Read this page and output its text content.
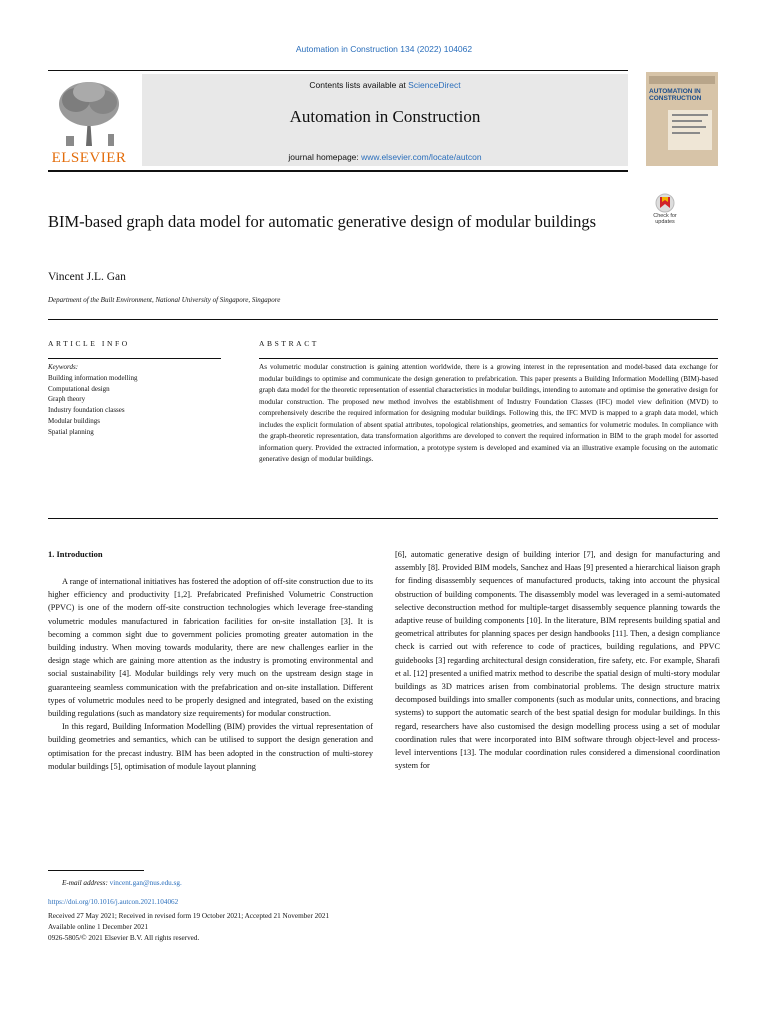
Automation in Construction 134 (2022) 104062
ELSEVIER
Contents lists available at ScienceDirect
Automation in Construction
journal homepage: www.elsevier.com/locate/autcon
AUTOMATION IN CONSTRUCTION
Check for updates
BIM-based graph data model for automatic generative design of modular buildings
Vincent J.L. Gan
Department of the Built Environment, National University of Singapore, Singapore
ARTICLE INFO	ABSTRACT
Keywords:
Building information modelling
Computational design
Graph theory
Industry foundation classes
Modular buildings
Spatial planning
As volumetric modular construction is gaining attention worldwide, there is a growing interest in the representation and model-based data exchange for modular buildings to optimise and communicate the design generation to prefabrication. This paper presents a Building Information Modelling (BIM)-based graph data model for the theoretic representation of essential characteristics in modular buildings, intending to automate and optimise the generative design for modular construction. The proposed new method involves the establishment of Industry Foundation Classes (IFC) model view definition (MVD) to comprehensively describe the required information for designing modular buildings. Following this, the IFC MVD is mapped to a graph data model, which includes the explicit formulation of absent spatial attributes, topological relationships, geometries, and semantics for volumetric modules. In compliance with the graph-theoretic representation, data transformation algorithms are developed to convert the required information in BIM to the graph model for assorted information query. Provided the extracted information, a prototype system is developed and examined via an illustrative example focusing on the automatic generative design of modular buildings.
1. Introduction

A range of international initiatives has fostered the adoption of off-site construction due to its higher efficiency and productivity [1,2]. Prefabricated Prefinished Volumetric Construction (PPVC) is one of the modern off-site construction technologies which leverage free-standing volumetric modules manufactured in fabrication facilities for on-site installation [3]. It is becoming a common sight due to government policies promoting greater automation in the building industry. When moving towards modularity, there are new challenges earlier in the design stage which are gaining more attention as the industry is promoting environmental and social sustainability [4]. Modular buildings rely very much on the upstream design stage in guaranteeing seamless communication with the prefabrication and on-site installation. Different types of volumetric modules need to be properly designed and integrated, based on the existing building regulations (such as mandatory size requirements) for modular construction.

In this regard, Building Information Modelling (BIM) provides the virtual representation of building geometries and semantics, which can be utilised to support the design generation and optimisation for the precast industry. BIM has been adopted in the construction of multi-storey modular buildings [5], optimisation of module layout planning

[6], automatic generative design of building interior [7], and design for manufacturing and assembly [8]. Provided BIM models, Sanchez and Haas [9] presented a hierarchical liaison graph for finding disassembly sequences of manufactured products, taking into account the physical obstruction of building components. The disassembly model was leveraged in a semi-automated selective deconstruction method for multiple-target disassembly sequence planning towards the adaptive reuse of building components [10]. In the literature, BIM represents building spatial and geometrical attributes for planning spaces per design handbooks [11]. Then, a design compliance check is carried out with reference to code of practices, building regulations, and PPVC guidebooks [3] regarding architectural design consideration, fire safety, etc. For example, Sharafi et al. [12] presented a unified matrix method to describe the spatial design of multi-story modular buildings as 3D matrices arisen from combinatorial problems. The design structure matrix decomposed buildings into smaller components (such as modular units, connections, and bracing systems) to support the automatic search of the best spatial design for modular buildings. In this regard, researchers have also customised the design modelling process using a set of modular coordination rules that were incorporated into BIM software through object-level and process-level interventions [13]. The modular coordination rules considered a dimensional coordination system for

E-mail address: vincent.gan@nus.edu.sg.
https://doi.org/10.1016/j.autcon.2021.104062
Received 27 May 2021; Received in revised form 19 October 2021; Accepted 21 November 2021
Available online 1 December 2021
0926-5805/© 2021 Elsevier B.V. All rights reserved.
